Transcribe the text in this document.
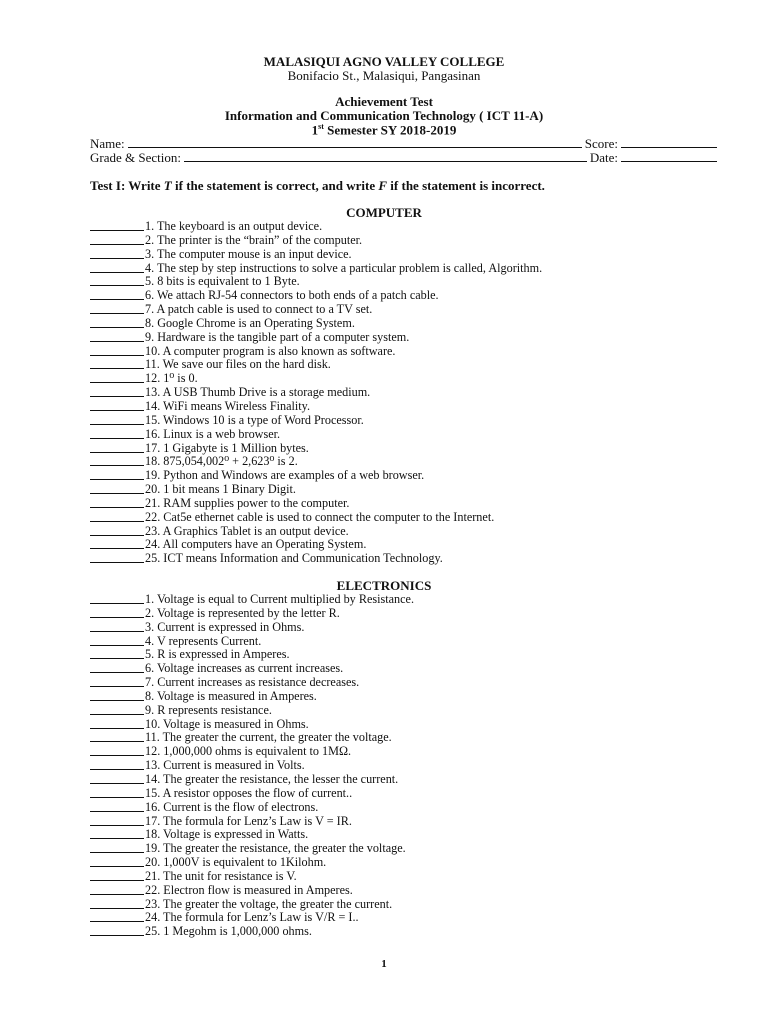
MALASIQUI AGNO VALLEY COLLEGE
Bonifacio St., Malasiqui, Pangasinan
Achievement Test
Information and Communication Technology ( ICT 11-A)
1st Semester SY 2018-2019
Name:	Score:
Grade & Section:	Date:
Test I: Write T if the statement is correct, and write F if the statement is incorrect.
COMPUTER
1. The keyboard is an output device.
2. The printer is the “brain” of the computer.
3. The computer mouse is an input device.
4. The step by step instructions to solve a particular problem is called, Algorithm.
5. 8 bits is equivalent to 1 Byte.
6. We attach RJ-54 connectors to both ends of a patch cable.
7. A patch cable is used to connect to a TV set.
8. Google Chrome is an Operating System.
9. Hardware is the tangible part of a computer system.
10. A computer program is also known as software.
11. We save our files on the hard disk.
12. 1⁰ is 0.
13. A USB Thumb Drive is a storage medium.
14. WiFi means Wireless Finality.
15. Windows 10 is a type of Word Processor.
16. Linux is a web browser.
17. 1 Gigabyte is 1 Million bytes.
18. 875,054,002⁰ + 2,623⁰ is 2.
19. Python and Windows are examples of a web browser.
20. 1 bit means 1 Binary Digit.
21. RAM supplies power to the computer.
22. Cat5e ethernet cable is used to connect the computer to the Internet.
23. A Graphics Tablet is an output device.
24. All computers have an Operating System.
25. ICT means Information and Communication Technology.
ELECTRONICS
1. Voltage is equal to Current multiplied by Resistance.
2. Voltage is represented by the letter R.
3. Current is expressed in Ohms.
4. V represents Current.
5. R is expressed in Amperes.
6. Voltage increases as current increases.
7. Current increases as resistance decreases.
8. Voltage is measured in Amperes.
9. R represents resistance.
10. Voltage is measured in Ohms.
11. The greater the current, the greater the voltage.
12. 1,000,000 ohms is equivalent to 1MΩ.
13. Current is measured in Volts.
14. The greater the resistance, the lesser the current.
15. A resistor opposes the flow of current..
16. Current is the flow of electrons.
17. The formula for Lenz’s Law is V = IR.
18. Voltage is expressed in Watts.
19. The greater the resistance, the greater the voltage.
20. 1,000V is equivalent to 1Kilohm.
21. The unit for resistance is V.
22. Electron flow is measured in Amperes.
23. The greater the voltage, the greater the current.
24. The formula for Lenz’s Law is V/R = I..
25. 1 Megohm is 1,000,000 ohms.
1
